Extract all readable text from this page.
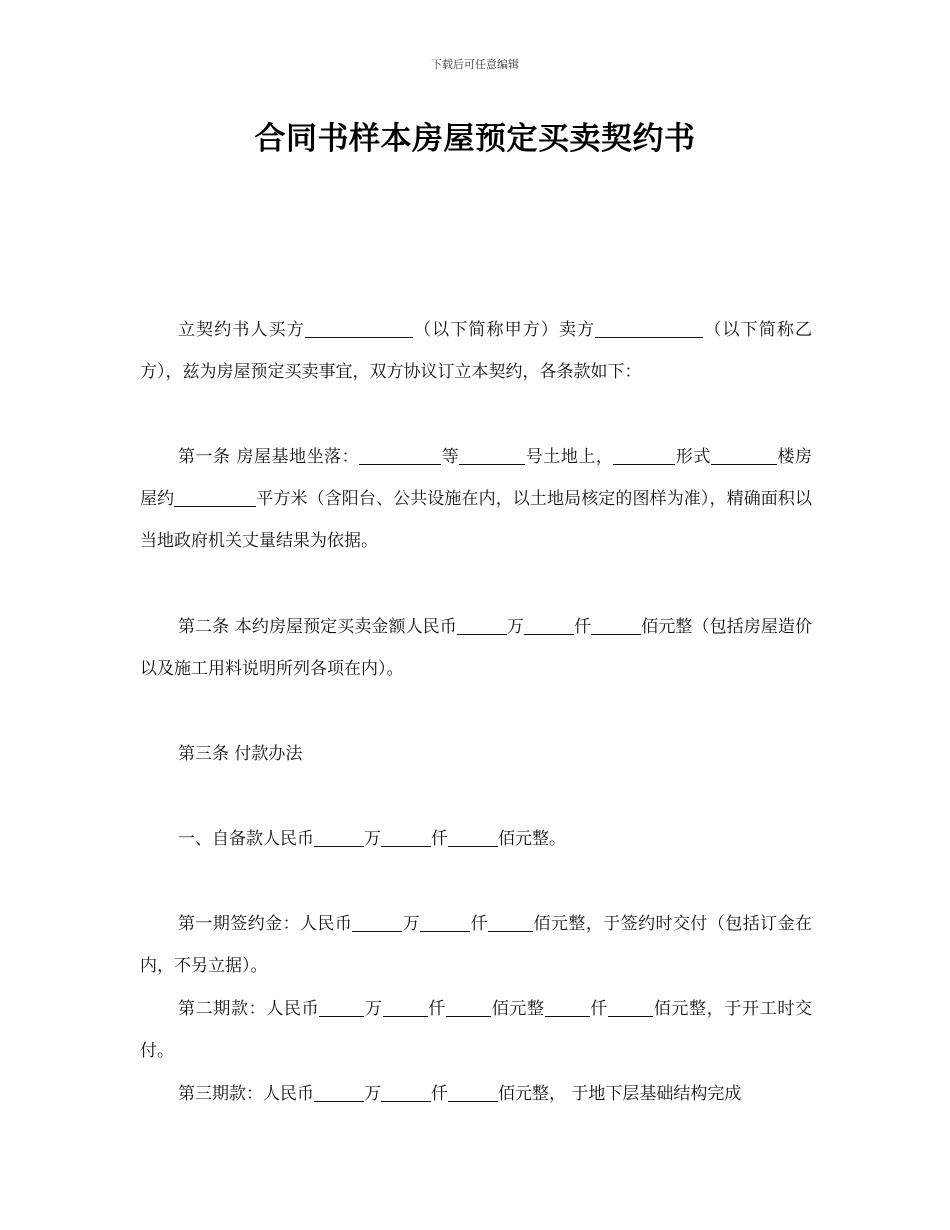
下载后可任意编辑
合同书样本房屋预定买卖契约书

立契约书人买方	（以下简称甲方）卖方	（以下简称乙方），兹为房屋预定买卖事宜，双方协议订立本契约，各条款如下：

第一条 房屋基地坐落：	等	号土地上，	形式	楼房屋约	平方米（含阳台、公共设施在内，以土地局核定的图样为准），精确面积以当地政府机关丈量结果为依据。

第二条 本约房屋预定买卖金额人民币	万	仟	佰元整（包括房屋造价以及施工用料说明所列各项在内）。

第三条 付款办法

一、自备款人民币	万	仟	佰元整。

第一期签约金：人民币	万	仟	佰元整，于签约时交付（包括订金在内，不另立据）。

第二期款：人民币	万	仟	佰元整	仟	佰元整，于开工时交付。

第三期款：人民币	万	仟	佰元整， 于地下层基础结构完成
